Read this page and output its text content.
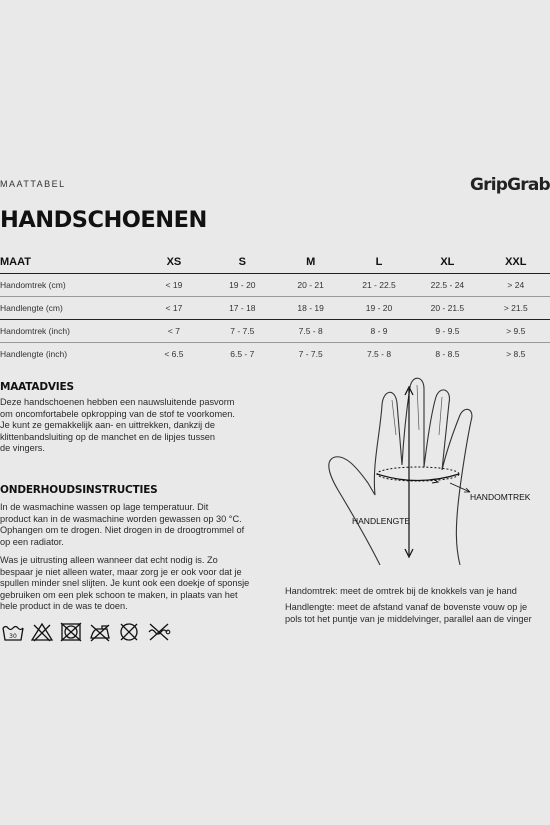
MAATTABEL	GripGrab
HANDSCHOENEN
MAAT	XS	S	M	L	XL	XXL
Handomtrek (cm)	< 19	19 - 20	20 - 21	21 - 22.5	22.5 - 24	> 24
Handlengte (cm)	< 17	17 - 18	18 - 19	19 - 20	20 - 21.5	> 21.5
Handomtrek (inch)	< 7	7 - 7.5	7.5 - 8	8 - 9	9 - 9.5	> 9.5
Handlengte (inch)	< 6.5	6.5 - 7	7 - 7.5	7.5 - 8	8 - 8.5	> 8.5
MAATADVIES
Deze handschoenen hebben een nauwsluitende pasvorm
om oncomfortabele opkropping van de stof te voorkomen.
Je kunt ze gemakkelijk aan- en uittrekken, dankzij de
klittenbandsluiting op de manchet en de lipjes tussen
de vingers.
ONDERHOUDSINSTRUCTIES
In de wasmachine wassen op lage temperatuur. Dit
product kan in de wasmachine worden gewassen op 30 °C.
Ophangen om te drogen. Niet drogen in de droogtrommel of
op een radiator.
Was je uitrusting alleen wanneer dat echt nodig is. Zo
bespaar je niet alleen water, maar zorg je er ook voor dat je
spullen minder snel slijten. Je kunt ook een doekje of sponsje
gebruiken om een plek schoon te maken, in plaats van het
hele product in de was te doen.
30
HANDOMTREK
HANDLENGTE
Handomtrek: meet de omtrek bij de knokkels van je hand
Handlengte: meet de afstand vanaf de bovenste vouw op je
pols tot het puntje van je middelvinger, parallel aan de vinger
